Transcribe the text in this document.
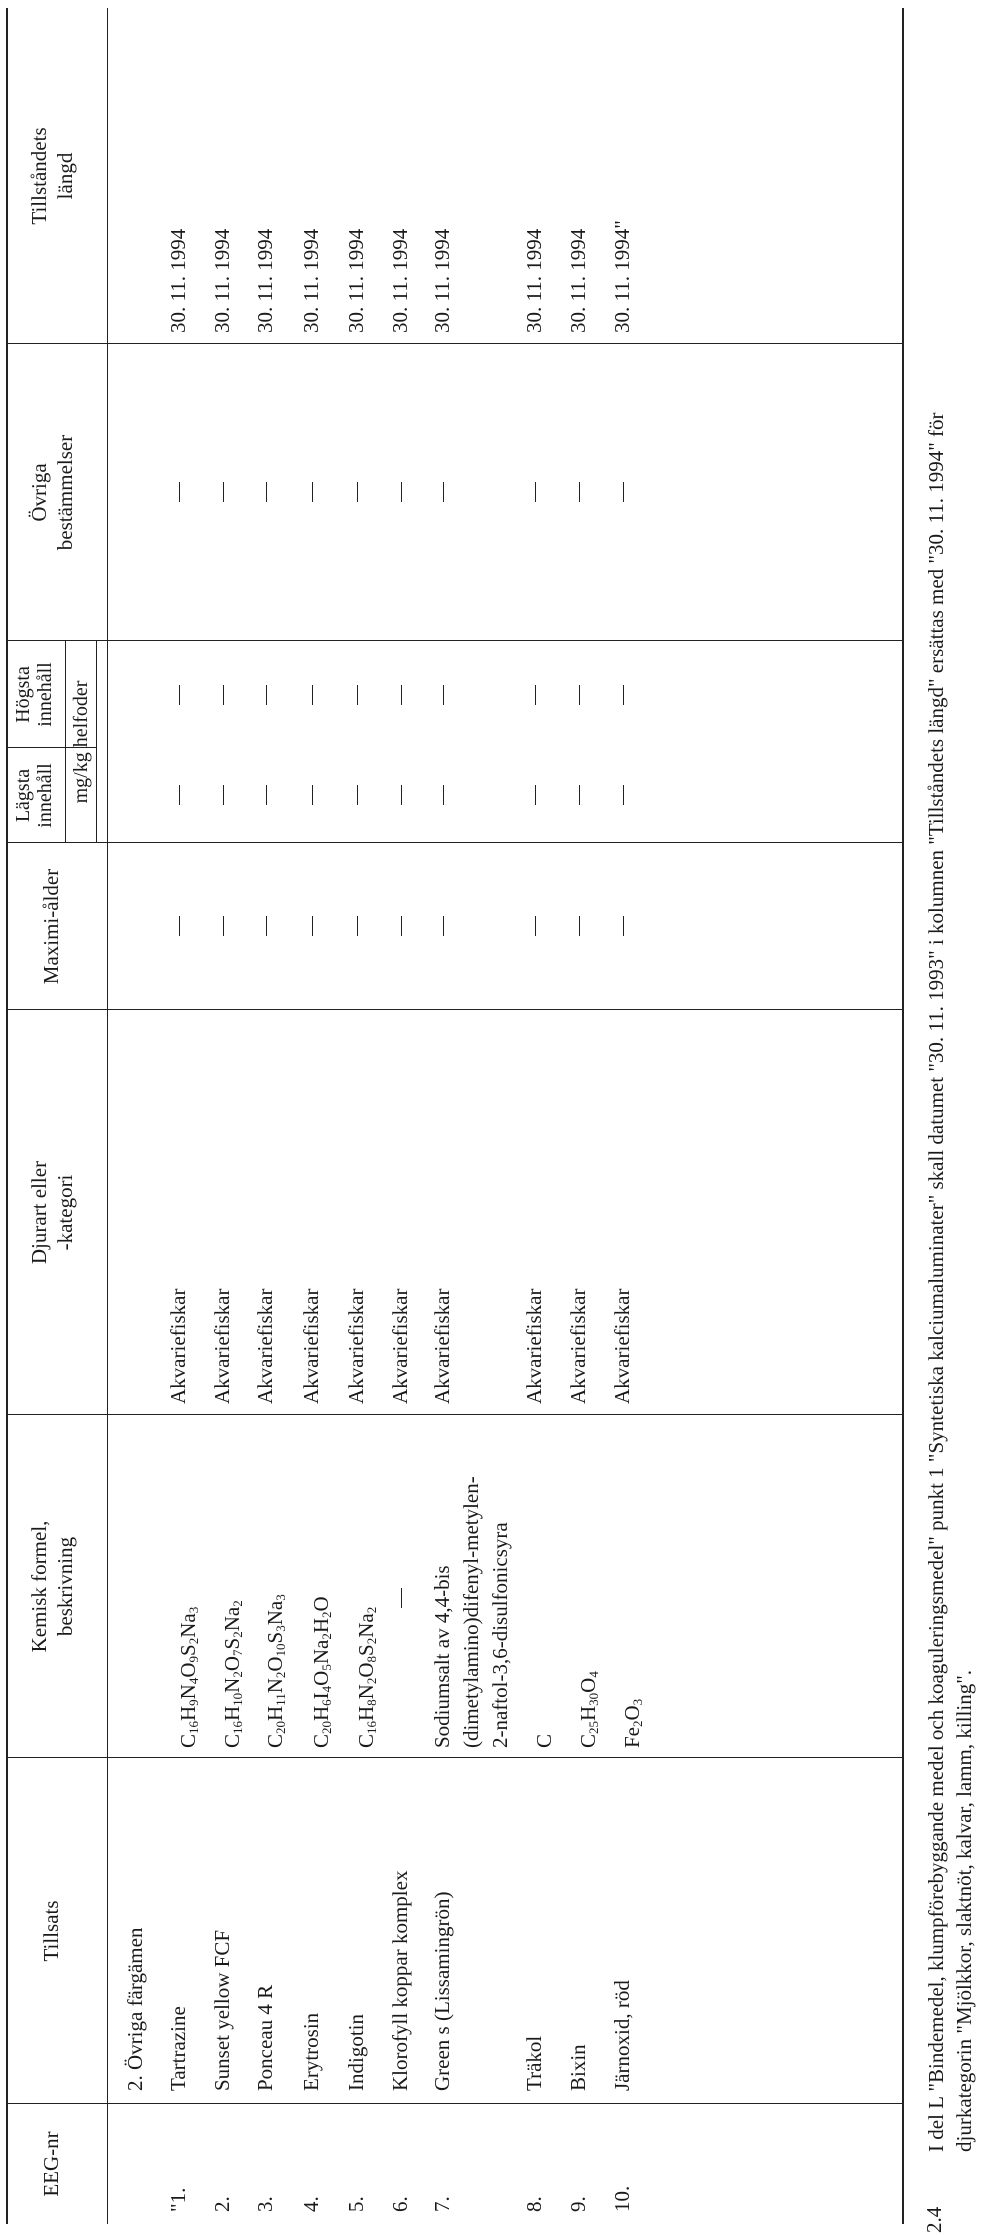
EEG-nr
Tillsats
Kemisk formel,
beskrivning
Djurart eller
-kategori
Maximi-ålder
Lägsta
innehåll
Högsta
innehåll mg/kg helfoder
Övriga
bestämmelser
Tillståndets
längd
2. Övriga färgämen
"1.
Tartrazine
$C_{16}H_9N_4O_9S_2Na_3$
Akvariefiskar
30. 11. 1994
2.
Sunset yellow FCF
$C_{16}H_{10}N_2O_7S_2Na_2$
Akvariefiskar
30. 11. 1994
3.
Ponceau 4 R
$C_{20}H_{11}N_2O_{10}S_3Na_3$
Akvariefiskar
30. 11. 1994
4.
Erytrosin
$C_{20}H_6I_4O_5Na_2H_2O$
Akvariefiskar
30. 11. 1994
5.
Indigotin
$C_{16}H_8N_2O_8S_2Na_2$
Akvariefiskar
30. 11. 1994
6.
Klorofyll koppar komplex
Akvariefiskar
30. 11. 1994
7.
Green s (Lissamingrön)
Sodiumsalt av 4,4-bis (dimetylamino)difenyl-metylen- 2-naftol-3,6-disulfonicsyra
Akvariefiskar
30. 11. 1994
8.
Träkol
C
Akvariefiskar
30. 11. 1994
9.
Bixin
$C_{25}H_{30}O_4$
Akvariefiskar
30. 11. 1994
10.
Järnoxid, röd
$Fe_2O_3$
Akvariefiskar
30. 11. 1994"
2.4
I del L "Bindemedel, klumpförebyggande medel och koaguleringsmedel" punkt 1 "Syntetiska kalciumaluminater" skall datumet "30. 11. 1993" i kolumnen "Tillståndets längd" ersättas med "30. 11. 1994" för djurkategorin "Mjölkkor, slaktnöt, kalvar, lamm, killing".
